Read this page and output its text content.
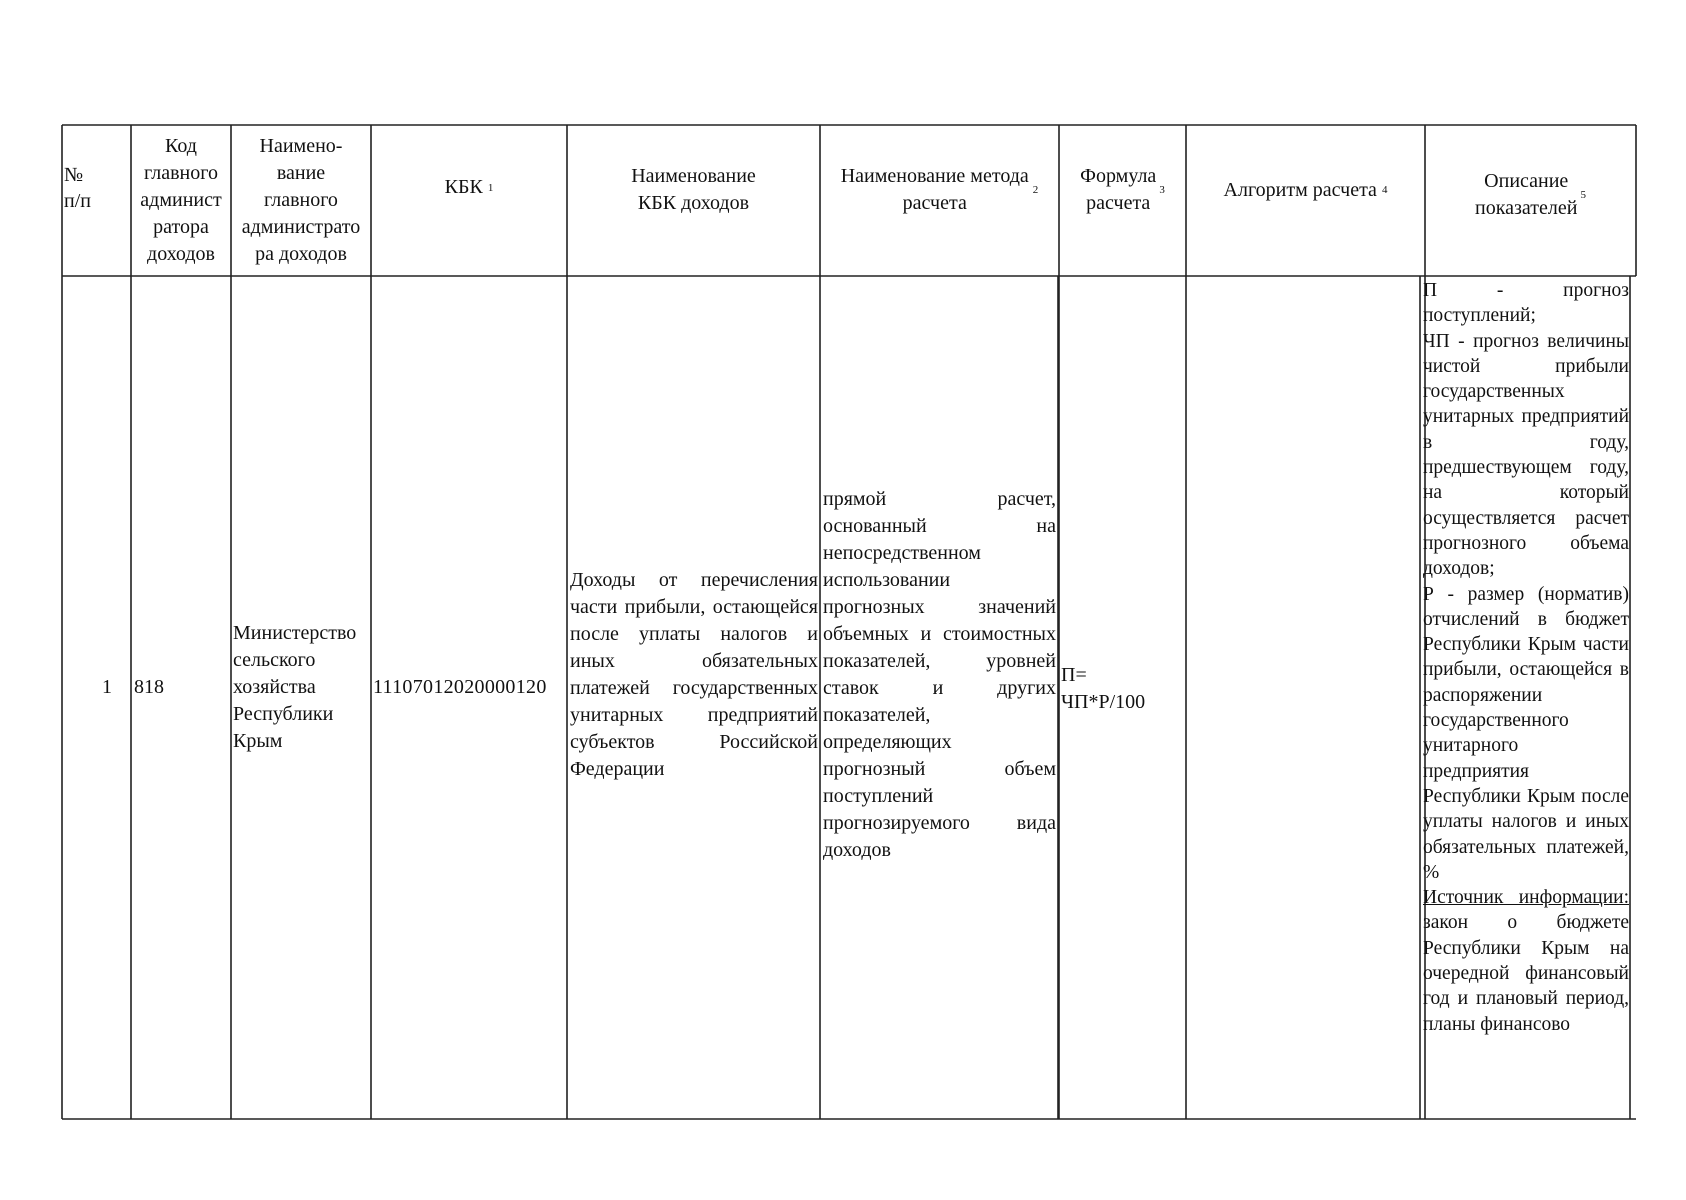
№
п/п
Код
главного
админист
ратора
доходов
Наимено-
вание
главного
администрато
ра доходов
КБК
1
Наименование
КБК доходов
Наименование метода
расчета
2
Формула
расчета
3	Алгоритм расчета
4	Описание
показателей
5
1 818
Министерство сельского хозяйства Республики Крым
11107012020000120
Доходы от перечисления части прибыли, остающейся после уплаты налогов и иных обязательных платежей государственных унитарных предприятий субъектов Российской Федерации
прямой расчет, основанный на непосредственном использовании прогнозных значений объемных и стоимостных показателей, уровней ставок и других показателей, определяющих прогнозный объем поступлений прогнозируемого вида доходов
П= ЧП*Р/100
П - прогноз поступлений;
ЧП - прогноз величины чистой прибыли государственных унитарных предприятий в году, предшествующем году, на который осуществляется расчет прогнозного объема доходов;
Р - размер (норматив) отчислений в бюджет Республики Крым части прибыли, остающейся в распоряжении государственного унитарного предприятия Республики Крым после уплаты налогов и иных обязательных платежей, %
Источник информации: закон о бюджете Республики Крым на очередной финансовый год и плановый период, планы финансово
